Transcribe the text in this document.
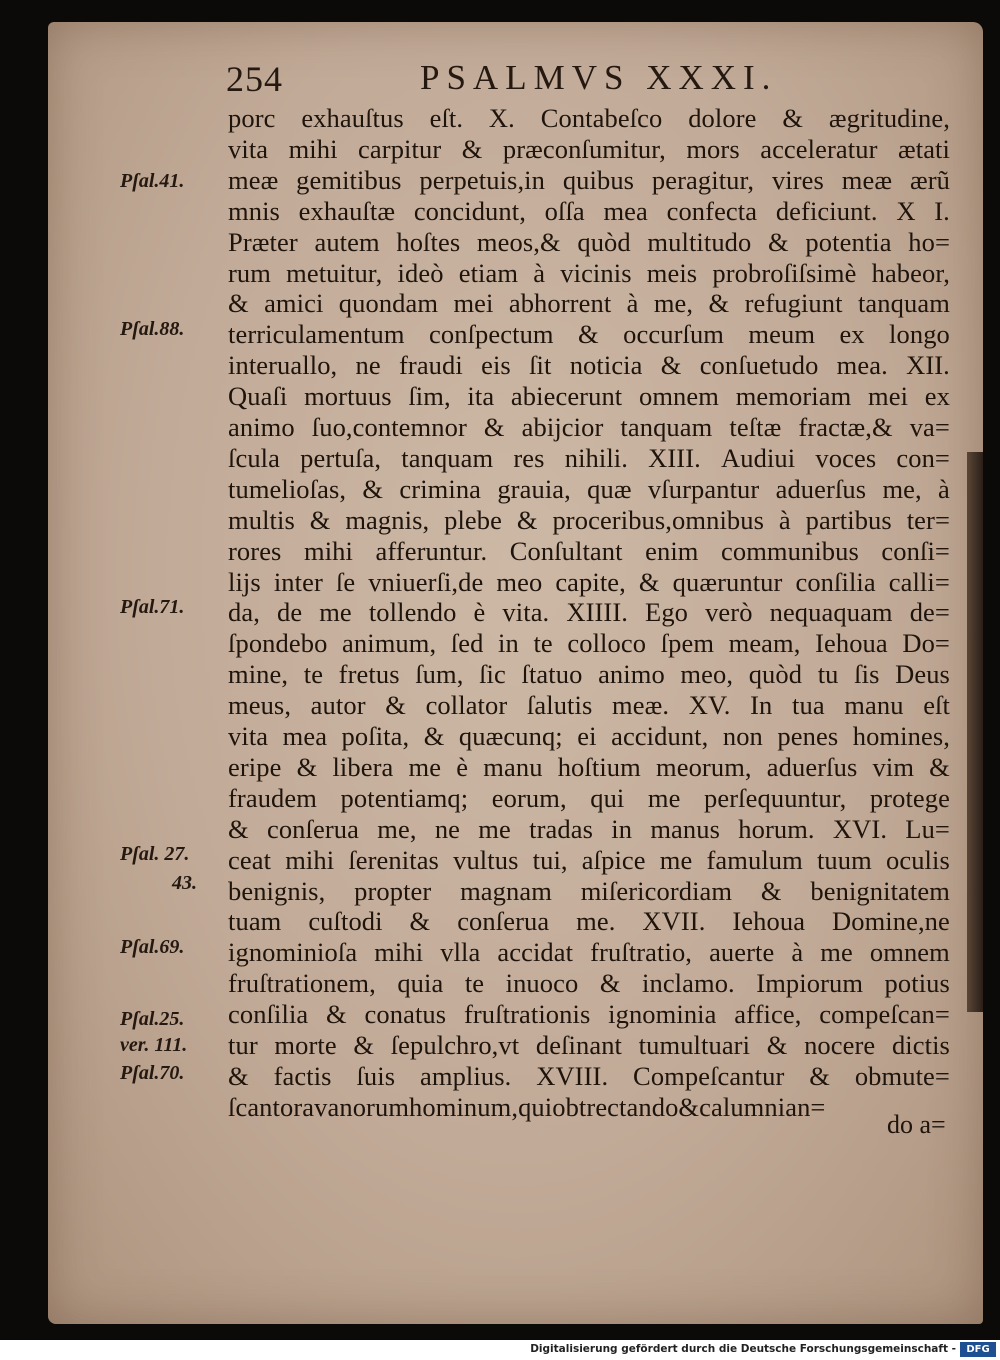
254	PSALMVS XXXI.
porc exhauſtus eſt. X. Contabeſco dolore & ægritudine,
vita mihi carpitur & præconſumitur, mors acceleratur ætati
meæ gemitibus perpetuis,in quibus peragitur, vires meæ ærũ
mnis exhauſtæ concidunt, oſſa mea confecta deficiunt. X I.
Præter autem hoſtes meos,& quòd multitudo & potentia ho=
rum metuitur, ideò etiam à vicinis meis probroſiſsimè habeor,
& amici quondam mei abhorrent à me, & refugiunt tanquam
terriculamentum conſpectum & occurſum meum ex longo
interuallo, ne fraudi eis ſit noticia & conſuetudo mea. XII.
Quaſi mortuus ſim, ita abiecerunt omnem memoriam mei ex
animo ſuo,contemnor & abijcior tanquam teſtæ fractæ,& va=
ſcula pertuſa, tanquam res nihili. XIII. Audiui voces con=
tumelioſas, & crimina grauia, quæ vſurpantur aduerſus me, à
multis & magnis, plebe & proceribus,omnibus à partibus ter=
rores mihi afferuntur. Conſultant enim communibus conſi=
lijs inter ſe vniuerſi,de meo capite, & quæruntur conſilia calli=
da, de me tollendo è vita. XIIII. Ego verò nequaquam de=
ſpondebo animum, ſed in te colloco ſpem meam, Iehoua Do=
mine, te fretus ſum, ſic ſtatuo animo meo, quòd tu ſis Deus
meus, autor & collator ſalutis meæ. XV. In tua manu eſt
vita mea poſita, & quæcunq; ei accidunt, non penes homines,
eripe & libera me è manu hoſtium meorum, aduerſus vim &
fraudem potentiamq; eorum, qui me perſequuntur, protege
& conſerua me, ne me tradas in manus horum. XVI. Lu=
ceat mihi ſerenitas vultus tui, aſpice me famulum tuum oculis
benignis, propter magnam miſericordiam & benignitatem
tuam cuſtodi & conſerua me. XVII. Iehoua Domine,ne
ignominioſa mihi vlla accidat fruſtratio, auerte à me omnem
fruſtrationem, quia te inuoco & inclamo. Impiorum potius
conſilia & conatus fruſtrationis ignominia affice, compeſcan=
tur morte & ſepulchro,vt deſinant tumultuari & nocere dictis
& factis ſuis amplius. XVIII. Compeſcantur & obmute=
ſcant ora vanorum hominum, qui obtrectando & calumnian=
Pſal.41.
Pſal.88.
Pſal.71.
Pſal. 27.
43.
Pſal.69.
Pſal.25.
ver. 111.
Pſal.70.
do a=
Digitalisierung gefördert durch die Deutsche Forschungsgemeinschaft -	DFG
